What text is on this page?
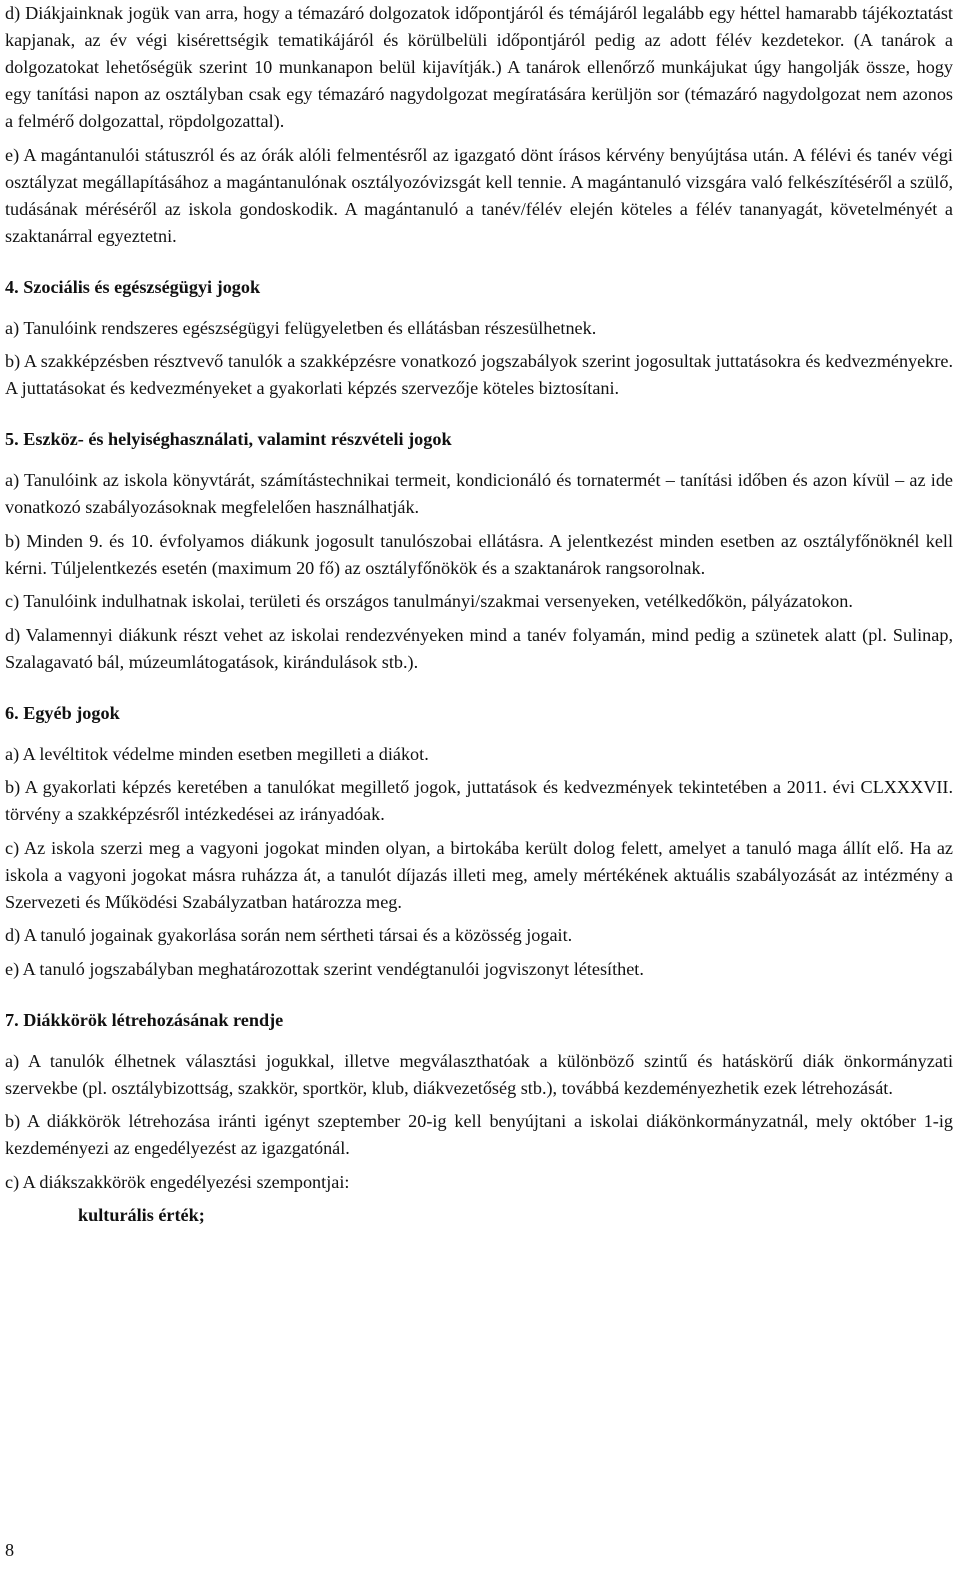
d) Diákjainknak jogük van arra, hogy a témazáró dolgozatok időpontjáról és témájáról legalább egy héttel hamarabb tájékoztatást kapjanak, az év végi kisérettségik tematikájáról és körülbelüli időpontjáról pedig az adott félév kezdetekor. (A tanárok a dolgozatokat lehetőségük szerint 10 munkanapon belül kijavítják.) A tanárok ellenőrző munkájukat úgy hangolják össze, hogy egy tanítási napon az osztályban csak egy témazáró nagydolgozat megíratására kerüljön sor (témazáró nagydolgozat nem azonos a felmérő dolgozattal, röpdolgozattal).

e) A magántanulói státuszról és az órák alóli felmentésről az igazgató dönt írásos kérvény benyújtása után. A félévi és tanév végi osztályzat megállapításához a magántanulónak osztályozóvizsgát kell tennie. A magántanuló vizsgára való felkészítéséről a szülő, tudásának méréséről az iskola gondoskodik. A magántanuló a tanév/félév elején köteles a félév tananyagát, követelményét a szaktanárral egyeztetni.

4. Szociális és egészségügyi jogok

a) Tanulóink rendszeres egészségügyi felügyeletben és ellátásban részesülhetnek.

b) A szakképzésben résztvevő tanulók a szakképzésre vonatkozó jogszabályok szerint jogosultak juttatásokra és kedvezményekre. A juttatásokat és kedvezményeket a gyakorlati képzés szervezője köteles biztosítani.

5. Eszköz- és helyiséghasználati, valamint részvételi jogok

a) Tanulóink az iskola könyvtárát, számítástechnikai termeit, kondicionáló és tornatermét – tanítási időben és azon kívül – az ide vonatkozó szabályozásoknak megfelelően használhatják.

b) Minden 9. és 10. évfolyamos diákunk jogosult tanulószobai ellátásra. A jelentkezést minden esetben az osztályfőnöknél kell kérni. Túljelentkezés esetén (maximum 20 fő) az osztályfőnökök és a szaktanárok rangsorolnak.

c) Tanulóink indulhatnak iskolai, területi és országos tanulmányi/szakmai versenyeken, vetélkedőkön, pályázatokon.

d) Valamennyi diákunk részt vehet az iskolai rendezvényeken mind a tanév folyamán, mind pedig a szünetek alatt (pl. Sulinap, Szalagavató bál, múzeumlátogatások, kirándulások stb.).

6. Egyéb jogok

a) A levéltitok védelme minden esetben megilleti a diákot.

b) A gyakorlati képzés keretében a tanulókat megillető jogok, juttatások és kedvezmények tekintetében a 2011. évi CLXXXVII. törvény a szakképzésről intézkedései az irányadóak.

c) Az iskola szerzi meg a vagyoni jogokat minden olyan, a birtokába került dolog felett, amelyet a tanuló maga állít elő. Ha az iskola a vagyoni jogokat másra ruházza át, a tanulót díjazás illeti meg, amely mértékének aktuális szabályozását az intézmény a Szervezeti és Működési Szabályzatban határozza meg.

d) A tanuló jogainak gyakorlása során nem sértheti társai és a közösség jogait.

e) A tanuló jogszabályban meghatározottak szerint vendégtanulói jogviszonyt létesíthet.

7. Diákkörök létrehozásának rendje

a) A tanulók élhetnek választási jogukkal, illetve megválaszthatóak a különböző szintű és hatáskörű diák önkormányzati szervekbe (pl. osztálybizottság, szakkör, sportkör, klub, diákvezetőség stb.), továbbá kezdeményezhetik ezek létrehozását.

b) A diákkörök létrehozása iránti igényt szeptember 20-ig kell benyújtani a iskolai diákönkormányzatnál, mely október 1-ig kezdeményezi az engedélyezést az igazgatónál.

c) A diákszakkörök engedélyezési szempontjai:

kulturális érték;

8
